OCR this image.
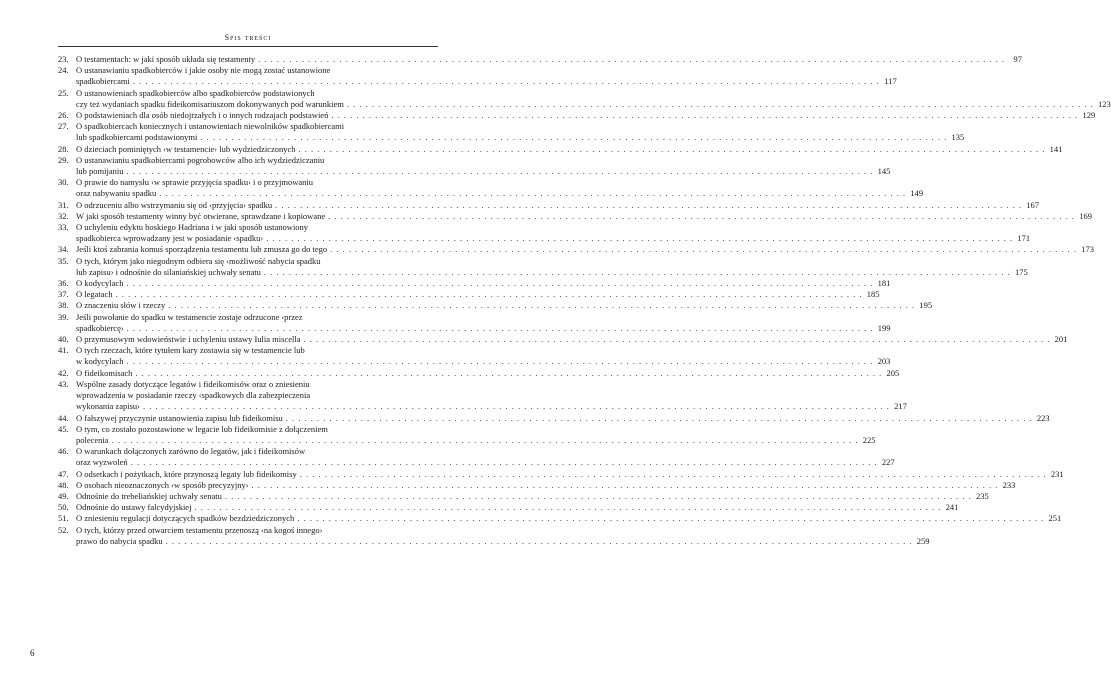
Spis treści
23. O testamentach: w jaki sposób układa się testamenty . . . . . . . . . . . . . . . . . . . . . . . . . . . . . . . . . . . . . . . . . . . . . . . . . . . . . . . . . . . . . . . . . . . . . . . . . . . . . . . . . . . . . . . . . . . . . . . . . . . . . . . . . . . . . . . . . . . . . . . .	97
24. O ustanawianiu spadkobierców i jakie osoby nie mogą zostać ustanowione
spadkobiercami . . . . . . . . . . . . . . . . . . . . . . . . . . . . . . . . . . . . . . . . . . . . . . . . . . . . . . . . . . . . . . . . . . . . . . . . . . . . . . . . . . . . . . . . . . . . . . . . . . . . . . . . . . . . . . . . . . . . . . . . 117
25. O ustanowieniach spadkobierców albo spadkobierców podstawionych
czy też wydaniach spadku fideikomisariuszom dokonywanych pod warunkiem . . . . . . . . . . . . . . . . . . . . . . . . . . . . . . . . . . . . . . . . . . . . . . . . . . . . . . . . . . . . . . . . . . . . . . . . . . . . . . . . . . . . . . . . . . . . . . . . . . . . . . . . . . . . . . . . . . . . . . . . 123
26. O podstawieniach dla osób niedojrzałych i o innych rodzajach podstawień . . . . . . . . . . . . . . . . . . . . . . . . . . . . . . . . . . . . . . . . . . . . . . . . . . . . . . . . . . . . . . . . . . . . . . . . . . . . . . . . . . . . . . . . . . . . . . . . . . . . . . . . . . . . . . . . . . . . . . . . 129
27. O spadkobiercach koniecznych i ustanowieniach niewolników spadkobiercami
lub spadkobiercami podstawionymi . . . . . . . . . . . . . . . . . . . . . . . . . . . . . . . . . . . . . . . . . . . . . . . . . . . . . . . . . . . . . . . . . . . . . . . . . . . . . . . . . . . . . . . . . . . . . . . . . . . . . . . . . . . . . . . . . . . . . . . . 135
28. O dzieciach pominiętych ‹w testamencie› lub wydziedziczonych . . . . . . . . . . . . . . . . . . . . . . . . . . . . . . . . . . . . . . . . . . . . . . . . . . . . . . . . . . . . . . . . . . . . . . . . . . . . . . . . . . . . . . . . . . . . . . . . . . . . . . . . . . . . . . . . . . . . . . . . 141
29. O ustanawianiu spadkobiercami pogrobowców albo ich wydziedziczaniu
lub pomijaniu . . . . . . . . . . . . . . . . . . . . . . . . . . . . . . . . . . . . . . . . . . . . . . . . . . . . . . . . . . . . . . . . . . . . . . . . . . . . . . . . . . . . . . . . . . . . . . . . . . . . . . . . . . . . . . . . . . . . . . . . 145
30. O prawie do namysłu ‹w sprawie przyjęcia spadku› i o przyjmowaniu
oraz nabywaniu spadku . . . . . . . . . . . . . . . . . . . . . . . . . . . . . . . . . . . . . . . . . . . . . . . . . . . . . . . . . . . . . . . . . . . . . . . . . . . . . . . . . . . . . . . . . . . . . . . . . . . . . . . . . . . . . . . . . . . . . . . . 149
31. O odrzuceniu albo wstrzymaniu się od ‹przyjęcia› spadku . . . . . . . . . . . . . . . . . . . . . . . . . . . . . . . . . . . . . . . . . . . . . . . . . . . . . . . . . . . . . . . . . . . . . . . . . . . . . . . . . . . . . . . . . . . . . . . . . . . . . . . . . . . . . . . . . . . . . . . . 167
32. W jaki sposób testamenty winny być otwierane, sprawdzane i kopiowane . . . . . . . . . . . . . . . . . . . . . . . . . . . . . . . . . . . . . . . . . . . . . . . . . . . . . . . . . . . . . . . . . . . . . . . . . . . . . . . . . . . . . . . . . . . . . . . . . . . . . . . . . . . . . . . . . . . . . . . . 169
33. O uchyleniu edyktu boskiego Hadriana i w jaki sposób ustanowiony
spadkobierca wprowadzany jest w posiadanie ‹spadku› . . . . . . . . . . . . . . . . . . . . . . . . . . . . . . . . . . . . . . . . . . . . . . . . . . . . . . . . . . . . . . . . . . . . . . . . . . . . . . . . . . . . . . . . . . . . . . . . . . . . . . . . . . . . . . . . . . . . . . . . 171
34. Jeśli ktoś zabrania komuś sporządzenia testamentu lub zmusza go do tego . . . . . . . . . . . . . . . . . . . . . . . . . . . . . . . . . . . . . . . . . . . . . . . . . . . . . . . . . . . . . . . . . . . . . . . . . . . . . . . . . . . . . . . . . . . . . . . . . . . . . . . . . . . . . . . . . . . . . . . . 173
35. O tych, którym jako niegodnym odbiera się ‹możliwość nabycia spadku
lub zapisu› i odnośnie do silaniańskiej uchwały senatu . . . . . . . . . . . . . . . . . . . . . . . . . . . . . . . . . . . . . . . . . . . . . . . . . . . . . . . . . . . . . . . . . . . . . . . . . . . . . . . . . . . . . . . . . . . . . . . . . . . . . . . . . . . . . . . . . . . . . . . . 175
36. O kodycylach . . . . . . . . . . . . . . . . . . . . . . . . . . . . . . . . . . . . . . . . . . . . . . . . . . . . . . . . . . . . . . . . . . . . . . . . . . . . . . . . . . . . . . . . . . . . . . . . . . . . . . . . . . . . . . . . . . . . . . . . 181
37. O legatach . . . . . . . . . . . . . . . . . . . . . . . . . . . . . . . . . . . . . . . . . . . . . . . . . . . . . . . . . . . . . . . . . . . . . . . . . . . . . . . . . . . . . . . . . . . . . . . . . . . . . . . . . . . . . . . . . . . . . . . . 185
38. O znaczeniu słów i rzeczy . . . . . . . . . . . . . . . . . . . . . . . . . . . . . . . . . . . . . . . . . . . . . . . . . . . . . . . . . . . . . . . . . . . . . . . . . . . . . . . . . . . . . . . . . . . . . . . . . . . . . . . . . . . . . . . . . . . . . . . . 195
39. Jeśli powołanie do spadku w testamencie zostaje odrzucone ‹przez
spadkobiercę› . . . . . . . . . . . . . . . . . . . . . . . . . . . . . . . . . . . . . . . . . . . . . . . . . . . . . . . . . . . . . . . . . . . . . . . . . . . . . . . . . . . . . . . . . . . . . . . . . . . . . . . . . . . . . . . . . . . . . . . . 199
40. O przymusowym wdowieństwie i uchyleniu ustawy Iulia miscella . . . . . . . . . . . . . . . . . . . . . . . . . . . . . . . . . . . . . . . . . . . . . . . . . . . . . . . . . . . . . . . . . . . . . . . . . . . . . . . . . . . . . . . . . . . . . . . . . . . . . . . . . . . . . . . . . . . . . . . . 201
41. O tych rzeczach, które tytułem kary zostawia się w testamencie lub
w kodycylach . . . . . . . . . . . . . . . . . . . . . . . . . . . . . . . . . . . . . . . . . . . . . . . . . . . . . . . . . . . . . . . . . . . . . . . . . . . . . . . . . . . . . . . . . . . . . . . . . . . . . . . . . . . . . . . . . . . . . . . . 203
42. O fideikomisach . . . . . . . . . . . . . . . . . . . . . . . . . . . . . . . . . . . . . . . . . . . . . . . . . . . . . . . . . . . . . . . . . . . . . . . . . . . . . . . . . . . . . . . . . . . . . . . . . . . . . . . . . . . . . . . . . . . . . . . . 205
43. Wspólne zasady dotyczące legatów i fideikomisów oraz o zniesieniu
wprowadzenia w posiadanie rzeczy ‹spadkowych dla zabezpieczenia
wykonania zapisu› . . . . . . . . . . . . . . . . . . . . . . . . . . . . . . . . . . . . . . . . . . . . . . . . . . . . . . . . . . . . . . . . . . . . . . . . . . . . . . . . . . . . . . . . . . . . . . . . . . . . . . . . . . . . . . . . . . . . . . . . 217
44. O fałszywej przyczynie ustanowienia zapisu lub fideikomisu . . . . . . . . . . . . . . . . . . . . . . . . . . . . . . . . . . . . . . . . . . . . . . . . . . . . . . . . . . . . . . . . . . . . . . . . . . . . . . . . . . . . . . . . . . . . . . . . . . . . . . . . . . . . . . . . . . . . . . . . 223
45. O tym, co zostało pozostawione w legacie lub fideikomisie z dołączeniem
polecenia . . . . . . . . . . . . . . . . . . . . . . . . . . . . . . . . . . . . . . . . . . . . . . . . . . . . . . . . . . . . . . . . . . . . . . . . . . . . . . . . . . . . . . . . . . . . . . . . . . . . . . . . . . . . . . . . . . . . . . . . 225
46. O warunkach dołączonych zarówno do legatów, jak i fideikomisów
oraz wyzwoleń . . . . . . . . . . . . . . . . . . . . . . . . . . . . . . . . . . . . . . . . . . . . . . . . . . . . . . . . . . . . . . . . . . . . . . . . . . . . . . . . . . . . . . . . . . . . . . . . . . . . . . . . . . . . . . . . . . . . . . . . 227
47. O odsetkach i pożytkach, które przynoszą legaty lub fideikomisy . . . . . . . . . . . . . . . . . . . . . . . . . . . . . . . . . . . . . . . . . . . . . . . . . . . . . . . . . . . . . . . . . . . . . . . . . . . . . . . . . . . . . . . . . . . . . . . . . . . . . . . . . . . . . . . . . . . . . . . . 231
48. O osobach nieoznaczonych ‹w sposób precyzyjny› . . . . . . . . . . . . . . . . . . . . . . . . . . . . . . . . . . . . . . . . . . . . . . . . . . . . . . . . . . . . . . . . . . . . . . . . . . . . . . . . . . . . . . . . . . . . . . . . . . . . . . . . . . . . . . . . . . . . . . . . 233
49. Odnośnie do trebeliańskiej uchwały senatu . . . . . . . . . . . . . . . . . . . . . . . . . . . . . . . . . . . . . . . . . . . . . . . . . . . . . . . . . . . . . . . . . . . . . . . . . . . . . . . . . . . . . . . . . . . . . . . . . . . . . . . . . . . . . . . . . . . . . . . . 235
50. Odnośnie do ustawy falcydyjskiej . . . . . . . . . . . . . . . . . . . . . . . . . . . . . . . . . . . . . . . . . . . . . . . . . . . . . . . . . . . . . . . . . . . . . . . . . . . . . . . . . . . . . . . . . . . . . . . . . . . . . . . . . . . . . . . . . . . . . . . . 241
51. O zniesieniu regulacji dotyczących spadków bezdziedziczonych . . . . . . . . . . . . . . . . . . . . . . . . . . . . . . . . . . . . . . . . . . . . . . . . . . . . . . . . . . . . . . . . . . . . . . . . . . . . . . . . . . . . . . . . . . . . . . . . . . . . . . . . . . . . . . . . . . . . . . . . 251
52. O tych, którzy przed otwarciem testamentu przenoszą ‹na kogoś innego›
prawo do nabycia spadku . . . . . . . . . . . . . . . . . . . . . . . . . . . . . . . . . . . . . . . . . . . . . . . . . . . . . . . . . . . . . . . . . . . . . . . . . . . . . . . . . . . . . . . . . . . . . . . . . . . . . . . . . . . . . . . . . . . . . . . . 259
6
